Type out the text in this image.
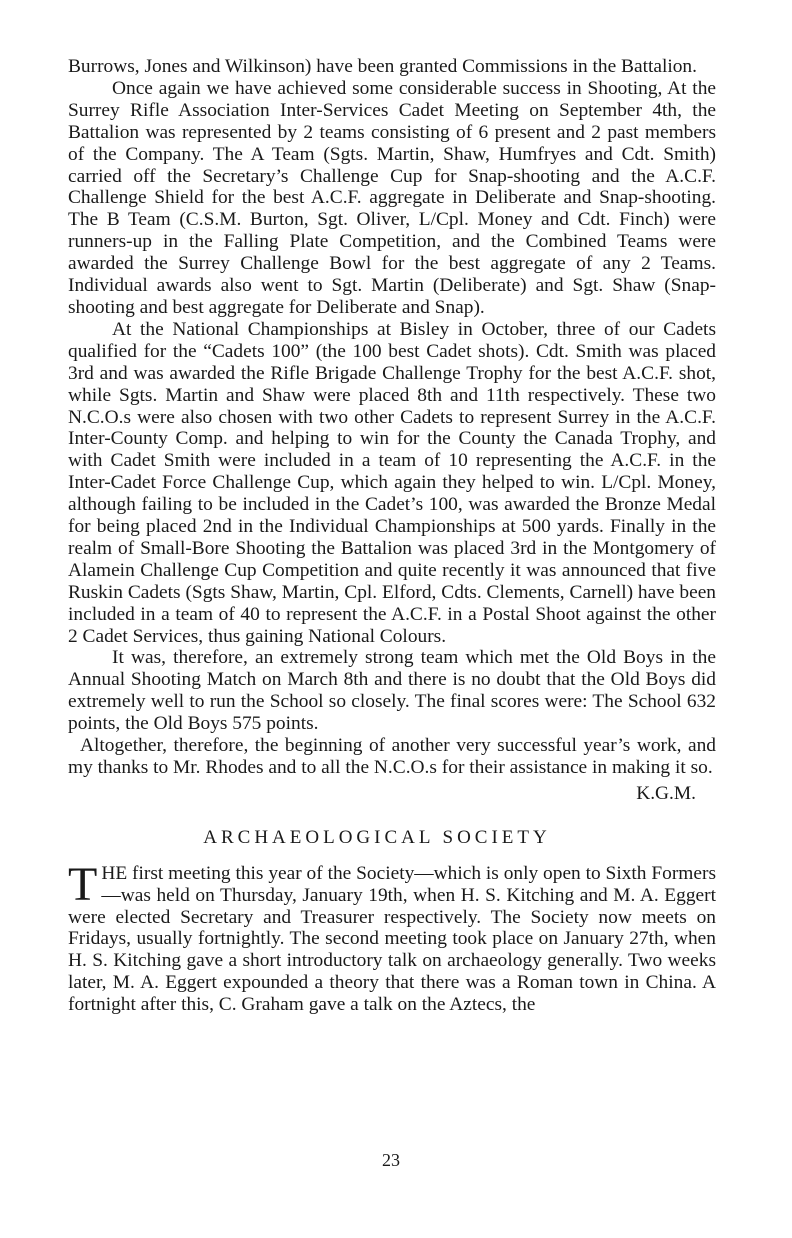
Burrows, Jones and Wilkinson) have been granted Commissions in the Battalion.

Once again we have achieved some considerable success in Shooting, At the Surrey Rifle Association Inter-Services Cadet Meeting on September 4th, the Battalion was represented by 2 teams consisting of 6 present and 2 past members of the Company. The A Team (Sgts. Martin, Shaw, Humfryes and Cdt. Smith) carried off the Secretary’s Challenge Cup for Snap-shooting and the A.C.F. Challenge Shield for the best A.C.F. aggregate in Deliberate and Snap-shooting. The B Team (C.S.M. Burton, Sgt. Oliver, L/Cpl. Money and Cdt. Finch) were runners-up in the Falling Plate Competition, and the Combined Teams were awarded the Surrey Challenge Bowl for the best aggregate of any 2 Teams. Individual awards also went to Sgt. Martin (Deliberate) and Sgt. Shaw (Snap-shooting and best aggregate for Deliberate and Snap).

At the National Championships at Bisley in October, three of our Cadets qualified for the “Cadets 100” (the 100 best Cadet shots). Cdt. Smith was placed 3rd and was awarded the Rifle Brigade Challenge Trophy for the best A.C.F. shot, while Sgts. Martin and Shaw were placed 8th and 11th respectively. These two N.C.O.s were also chosen with two other Cadets to represent Surrey in the A.C.F. Inter-County Comp. and helping to win for the County the Canada Trophy, and with Cadet Smith were included in a team of 10 representing the A.C.F. in the Inter-Cadet Force Challenge Cup, which again they helped to win. L/Cpl. Money, although failing to be included in the Cadet’s 100, was awarded the Bronze Medal for being placed 2nd in the Individual Championships at 500 yards. Finally in the realm of Small-Bore Shooting the Battalion was placed 3rd in the Montgomery of Alamein Challenge Cup Competition and quite recently it was announced that five Ruskin Cadets (Sgts Shaw, Martin, Cpl. Elford, Cdts. Clements, Carnell) have been included in a team of 40 to represent the A.C.F. in a Postal Shoot against the other 2 Cadet Services, thus gaining National Colours.

It was, therefore, an extremely strong team which met the Old Boys in the Annual Shooting Match on March 8th and there is no doubt that the Old Boys did extremely well to run the School so closely. The final scores were: The School 632 points, the Old Boys 575 points.

Altogether, therefore, the beginning of another very successful year’s work, and my thanks to Mr. Rhodes and to all the N.C.O.s for their assistance in making it so.

K.G.M.

ARCHAEOLOGICAL SOCIETY

T HE first meeting this year of the Society—which is only open to Sixth Formers—was held on Thursday, January 19th, when H. S. Kitching and M. A. Eggert were elected Secretary and Treasurer respectively. The Society now meets on Fridays, usually fortnightly. The second meeting took place on January 27th, when H. S. Kitching gave a short introductory talk on archaeology generally. Two weeks later, M. A. Eggert expounded a theory that there was a Roman town in China. A fortnight after this, C. Graham gave a talk on the Aztecs, the

23
